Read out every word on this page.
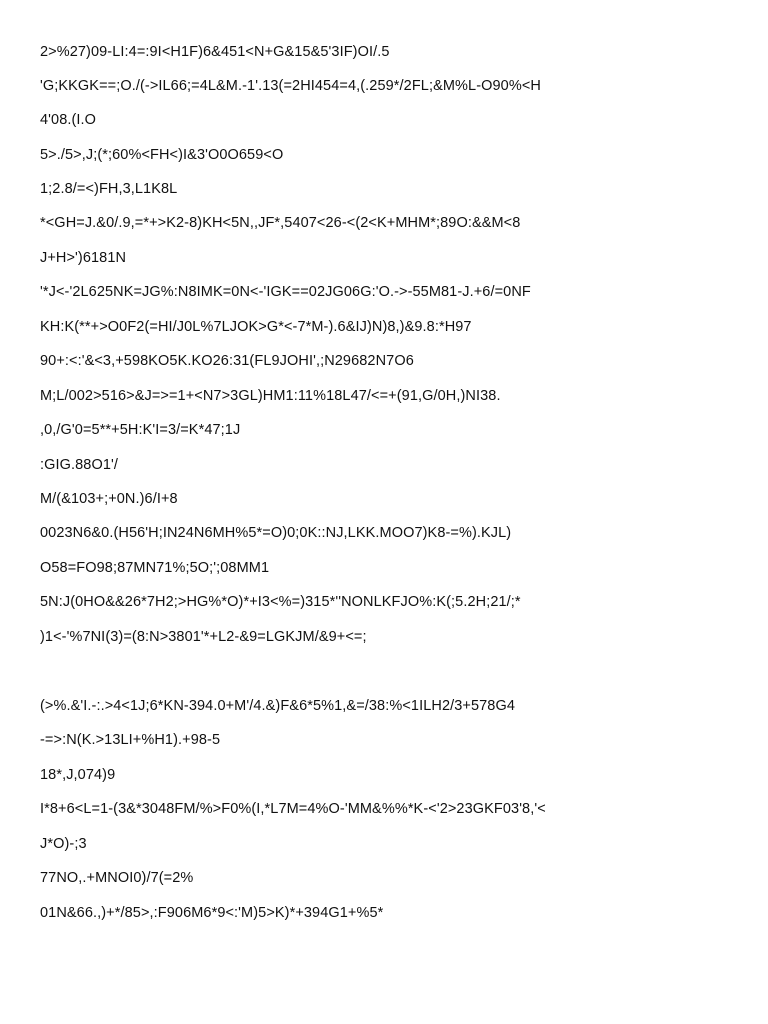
2>%27)09-LI:4=:9I<H1F)6&451<N+G&15&5'3IF)OI/.5
'G;KKGK==;O./(->IL66;=4L&M.-1'.13(=2HI454=4,(.259*/2FL;&M%L-O90%<H
4'08.(I.O
5>./5>,J;(*;60%<FH<)I&3'O0O659<O
1;2.8/=<)FH,3,L1K8L
*<GH=J.&0/.9,=*+>K2-8)KH<5N,,JF*,5407<26-<(2<K+MHM*;89O:&&M<8
J+H>')6181N
'*J<-'2L625NK=JG%:N8IMK=0N<-'IGK==02JG06G:'O.->-55M81-J.+6/=0NF
KH:K(**+>O0F2(=HI/J0L%7LJOK>G*<-7*M-).6&IJ)N)8,)&9.8:*H97
90+:<:'&<3,+598KO5K.KO26:31(FL9JOHI',;N29682N7O6
M;L/002>516>&J=>=1+<N7>3GL)HM1:11%18L47/<=+(91,G/0H,)NI38.
,0,/G'0=5**+5H:K'I=3/=K*47;1J
:GIG.88O1'/
M/(&103+;+0N.)6/I+8
0023N6&0.(H56'H;IN24N6MH%5*=O)0;0K::NJ,LKK.MOO7)K8-=%).KJL)
O58=FO98;87MN71%;5O;';08MM1
5N:J(0HO&&26*7H2;>HG%*O)*+I3<%=)315*''NONLKFJO%:K(;5.2H;21/;*
)1<-'%7NI(3)=(8:N>3801'*+L2-&9=LGKJM/&9+<=;
(>%.&'I.-:.>4<1J;6*KN-394.0+M'/4.&)F&6*5%1,&=/38:%<1ILH2/3+578G4
-=>:N(K.>13LI+%H1).+98-5
18*,J,074)9
I*8+6<L=1-(3&*3048FM/%>F0%(I,*L7M=4%O-'MM&%%*K-<'2>23GKF03'8,'<
J*O)-;3
77NO,.+MNOI0)/7(=2%
01N&66.,)+*/85>,:F906M6*9<:'M)5>K)*+394G1+%5*
